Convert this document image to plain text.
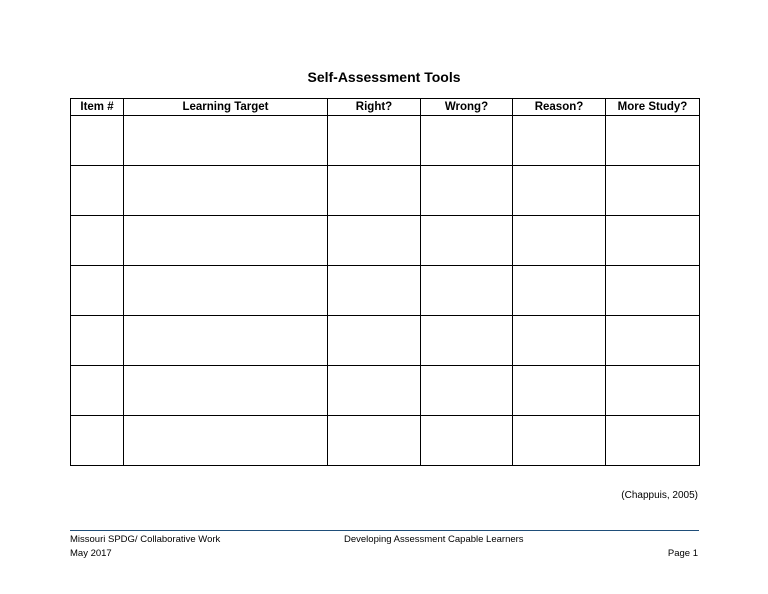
Self-Assessment Tools
Item #	Learning Target	Right?	Wrong?	Reason?	More Study?

(Chappuis, 2005)
Missouri SPDG/ Collaborative Work
May 2017
Developing Assessment Capable Learners
Page 1
